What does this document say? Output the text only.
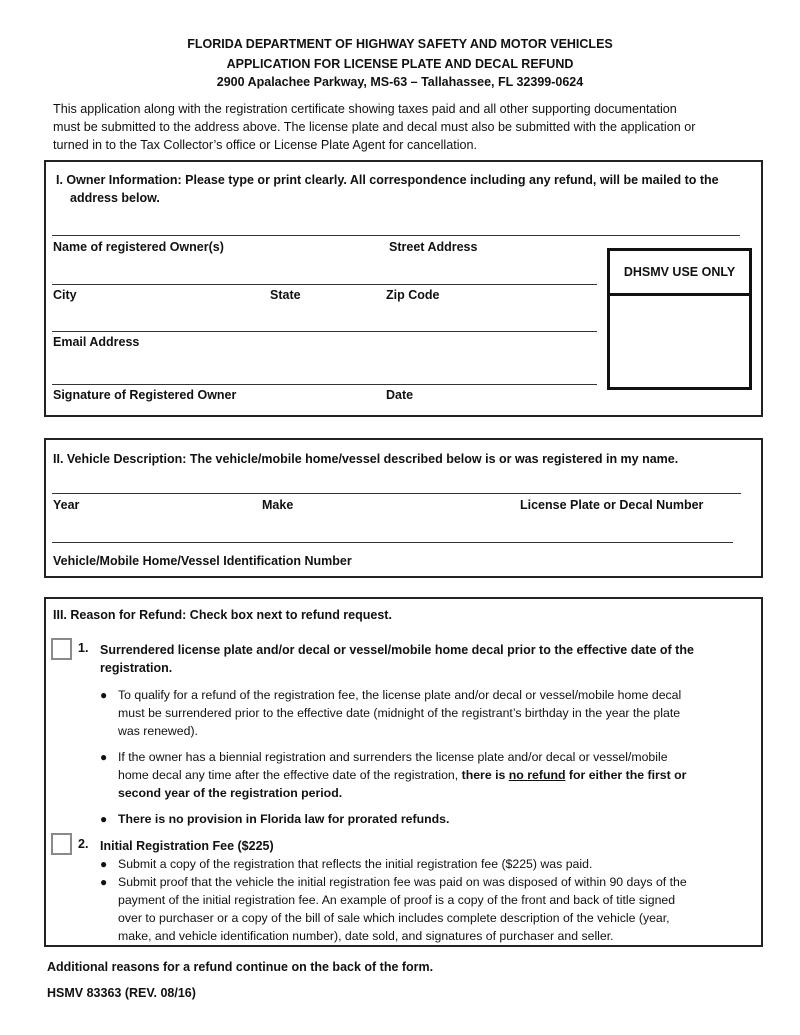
FLORIDA DEPARTMENT OF HIGHWAY SAFETY AND MOTOR VEHICLES
APPLICATION FOR LICENSE PLATE AND DECAL REFUND
2900 Apalachee Parkway, MS-63 – Tallahassee, FL 32399-0624
This application along with the registration certificate showing taxes paid and all other supporting documentation
must be submitted to the address above. The license plate and decal must also be submitted with the application or
turned in to the Tax Collector’s office or License Plate Agent for cancellation.
I. Owner Information: Please type or print clearly. All correspondence including any refund, will be mailed to the
address below.
Name of registered Owner(s)	Street Address
City	State	Zip Code
Email Address
Signature of Registered Owner	Date
DHSMV USE ONLY
II. Vehicle Description: The vehicle/mobile home/vessel described below is or was registered in my name.
Year	Make	License Plate or Decal Number
Vehicle/Mobile Home/Vessel Identification Number
III. Reason for Refund: Check box next to refund request.
1. Surrendered license plate and/or decal or vessel/mobile home decal prior to the effective date of the
registration.
● To qualify for a refund of the registration fee, the license plate and/or decal or vessel/mobile home decal
must be surrendered prior to the effective date (midnight of the registrant’s birthday in the year the plate
was renewed).
● If the owner has a biennial registration and surrenders the license plate and/or decal or vessel/mobile
home decal any time after the effective date of the registration, there is no refund for either the first or
second year of the registration period.
● There is no provision in Florida law for prorated refunds.
2. Initial Registration Fee ($225)
● Submit a copy of the registration that reflects the initial registration fee ($225) was paid.
● Submit proof that the vehicle the initial registration fee was paid on was disposed of within 90 days of the
payment of the initial registration fee. An example of proof is a copy of the front and back of title signed
over to purchaser or a copy of the bill of sale which includes complete description of the vehicle (year,
make, and vehicle identification number), date sold, and signatures of purchaser and seller.
Additional reasons for a refund continue on the back of the form.
HSMV 83363 (REV. 08/16)
